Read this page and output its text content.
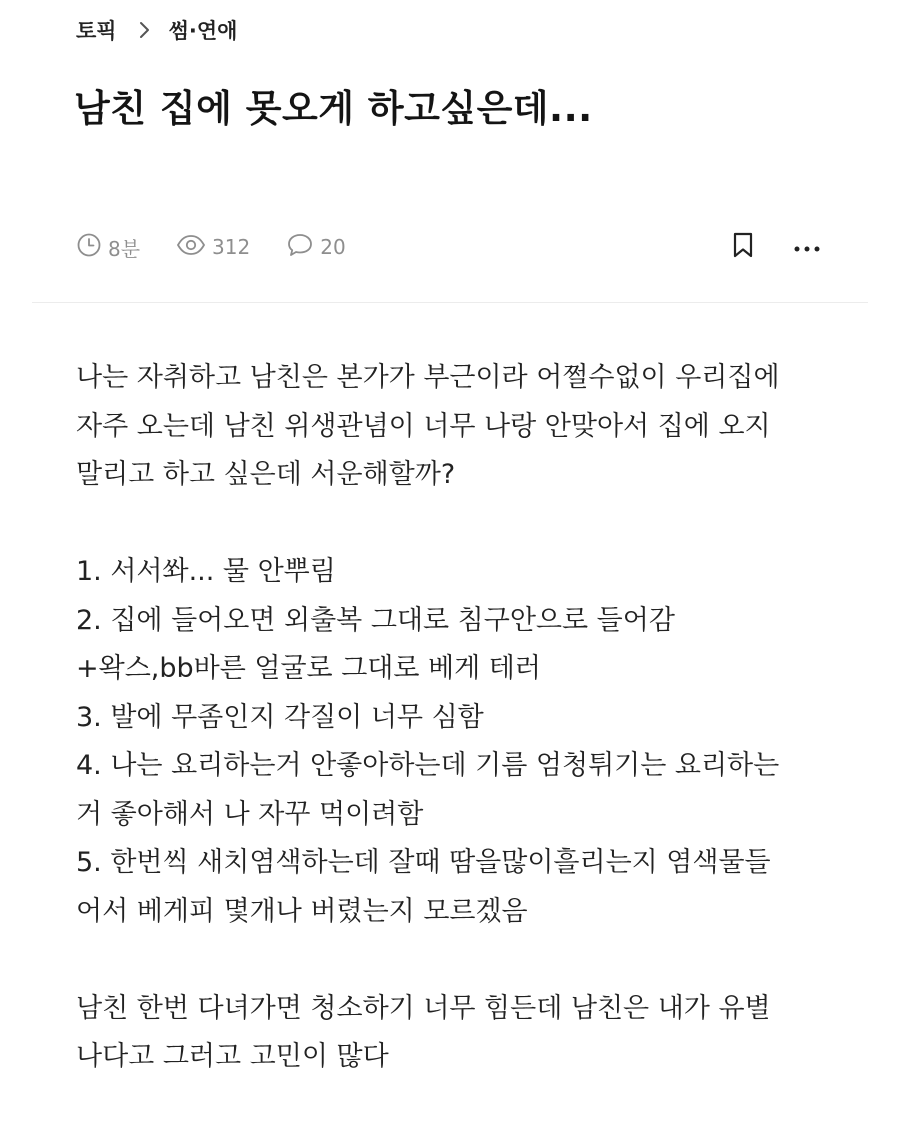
토픽 썸·연애
남친 집에 못오게 하고싶은데...
8분	312	20

나는 자취하고 남친은 본가가 부근이라 어쩔수없이 우리집에

자주 오는데 남친 위생관념이 너무 나랑 안맞아서 집에 오지

말리고 하고 싶은데 서운해할까?

1. 서서쏴... 물 안뿌림

2. 집에 들어오면 외출복 그대로 침구안으로 들어감

+왁스,bb바른 얼굴로 그대로 베게 테러

3. 발에 무좀인지 각질이 너무 심함

4. 나는 요리하는거 안좋아하는데 기름 엄청튀기는 요리하는

거 좋아해서 나 자꾸 먹이려함

5. 한번씩 새치염색하는데 잘때 땀을많이흘리는지 염색물들

어서 베게피 몇개나 버렸는지 모르겠음

남친 한번 다녀가면 청소하기 너무 힘든데 남친은 내가 유별

나다고 그러고 고민이 많다
